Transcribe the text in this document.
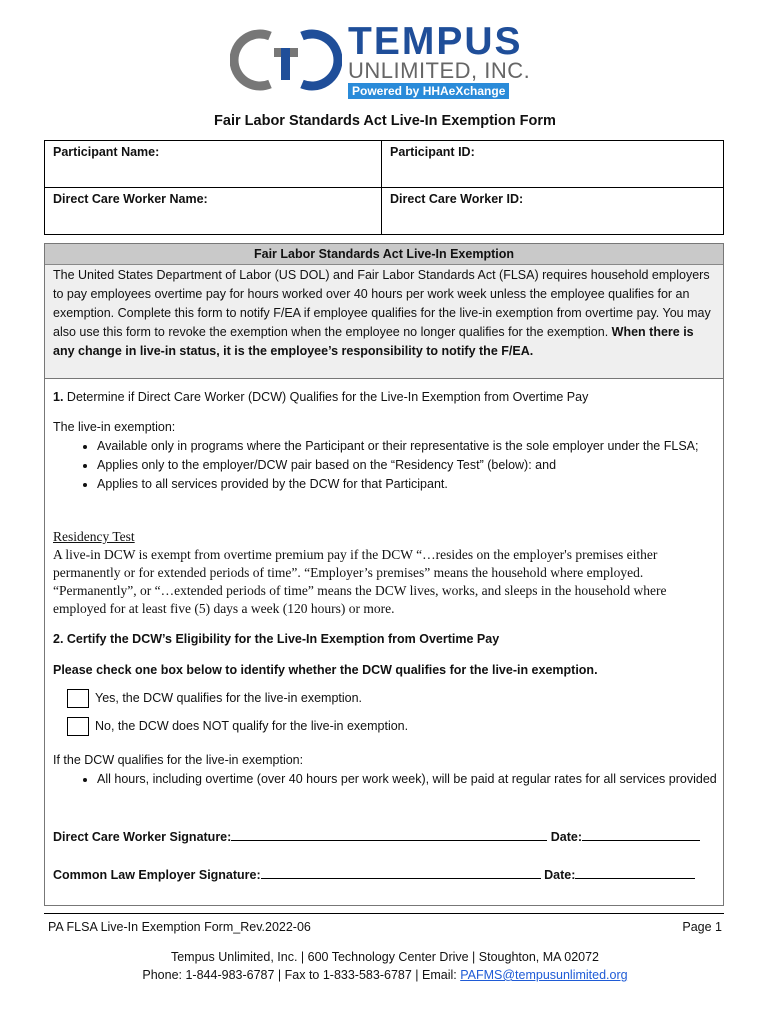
TEMPUS
UNLIMITED, INC.
Powered by HHAeXchange
Fair Labor Standards Act Live-In Exemption Form
Participant Name:	Participant ID:
Direct Care Worker Name:	Direct Care Worker ID:
Fair Labor Standards Act Live-In Exemption
The United States Department of Labor (US DOL) and Fair Labor Standards Act (FLSA) requires household employers to pay employees overtime pay for hours worked over 40 hours per work week unless the employee qualifies for an exemption. Complete this form to notify F/EA if employee qualifies for the live-in exemption from overtime pay. You may also use this form to revoke the exemption when the employee no longer qualifies for the exemption. When there is any change in live-in status, it is the employee’s responsibility to notify the F/EA.
1. Determine if Direct Care Worker (DCW) Qualifies for the Live-In Exemption from Overtime Pay
The live-in exemption:
• Available only in programs where the Participant or their representative is the sole employer under the FLSA;
• Applies only to the employer/DCW pair based on the “Residency Test” (below): and
• Applies to all services provided by the DCW for that Participant.
Residency Test
A live-in DCW is exempt from overtime premium pay if the DCW “…resides on the employer's premises either permanently or for extended periods of time”. “Employer’s premises” means the household where employed. “Permanently”, or “…extended periods of time” means the DCW lives, works, and sleeps in the household where employed for at least five (5) days a week (120 hours) or more.
2. Certify the DCW’s Eligibility for the Live-In Exemption from Overtime Pay
Please check one box below to identify whether the DCW qualifies for the live-in exemption.
Yes, the DCW qualifies for the live-in exemption.
No, the DCW does NOT qualify for the live-in exemption.
If the DCW qualifies for the live-in exemption:
• All hours, including overtime (over 40 hours per work week), will be paid at regular rates for all services provided
Direct Care Worker Signature:	Date:
Common Law Employer Signature:	Date:
PA FLSA Live-In Exemption Form_Rev.2022-06	Page 1
Tempus Unlimited, Inc. | 600 Technology Center Drive | Stoughton, MA 02072
Phone: 1-844-983-6787 | Fax to 1-833-583-6787 | Email: PAFMS@tempusunlimited.org
